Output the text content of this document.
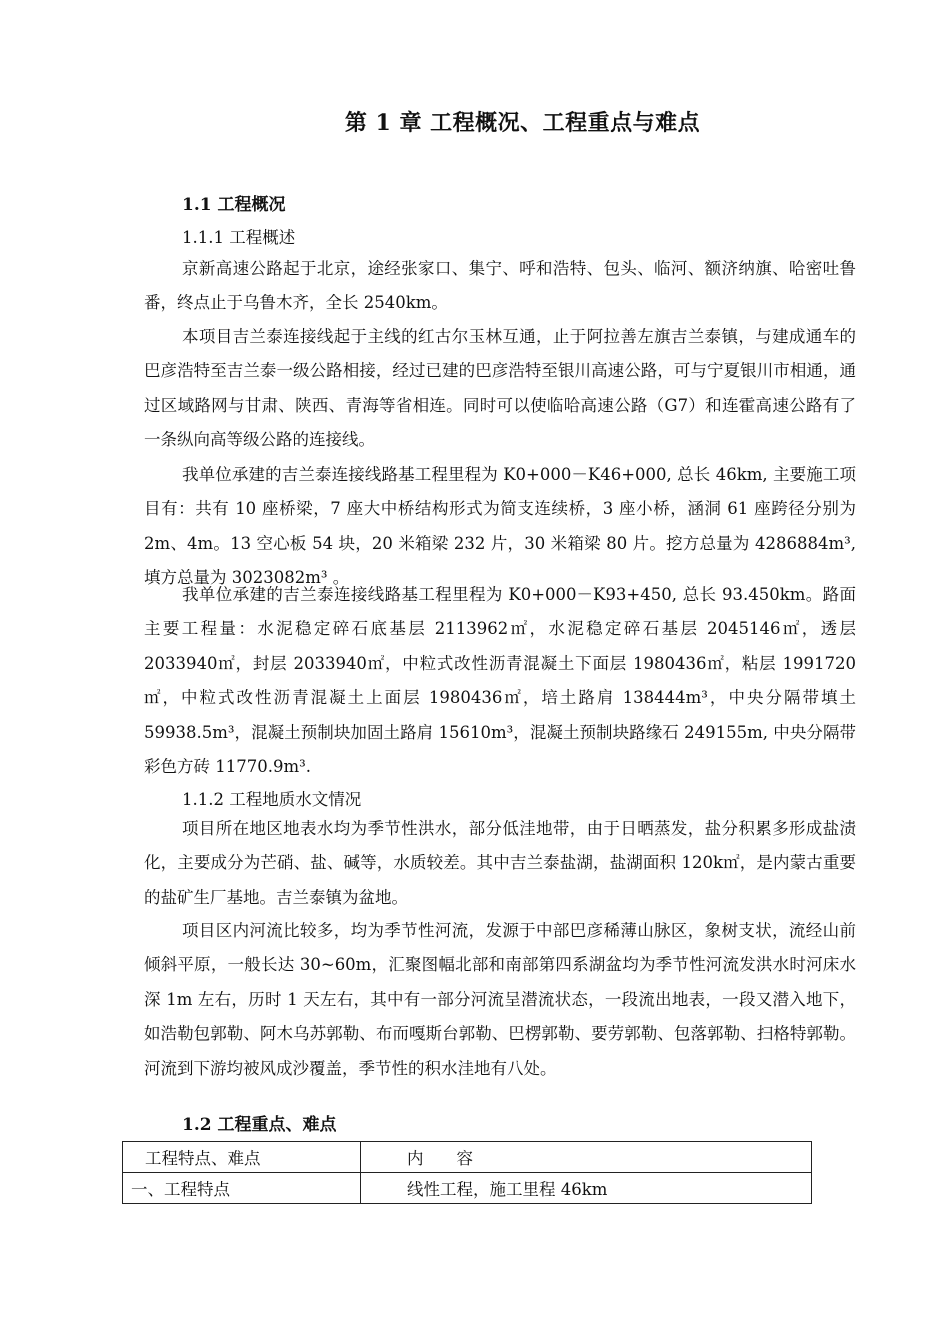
第 1 章 工程概况、工程重点与难点
1.1 工程概况
1.1.1 工程概述

京新高速公路起于北京，途经张家口、集宁、呼和浩特、包头、临河、额济纳旗、哈密吐鲁番，终点止于乌鲁木齐，全长 2540km。

本项目吉兰泰连接线起于主线的红古尔玉林互通，止于阿拉善左旗吉兰泰镇，与建成通车的巴彦浩特至吉兰泰一级公路相接，经过已建的巴彦浩特至银川高速公路，可与宁夏银川市相通，通过区域路网与甘肃、陕西、青海等省相连。同时可以使临哈高速公路（G7）和连霍高速公路有了一条纵向高等级公路的连接线。

我单位承建的吉兰泰连接线路基工程里程为 K0+000－K46+000, 总长 46km, 主要施工项目有：共有 10 座桥梁，7 座大中桥结构形式为简支连续桥，3 座小桥，涵洞 61 座跨径分别为 2m、4m。13 空心板 54 块，20 米箱梁 232 片，30 米箱梁 80 片。挖方总量为 4286884m³, 填方总量为 3023082m³ 。

我单位承建的吉兰泰连接线路基工程里程为 K0+000－K93+450, 总长 93.450km。路面主要工程量：水泥稳定碎石底基层 2113962㎡，水泥稳定碎石基层 2045146㎡，透层 2033940㎡，封层 2033940㎡，中粒式改性沥青混凝土下面层 1980436㎡，粘层 1991720㎡，中粒式改性沥青混凝土上面层 1980436㎡，培土路肩 138444m³，中央分隔带填土 59938.5m³，混凝土预制块加固土路肩 15610m³，混凝土预制块路缘石 249155m, 中央分隔带彩色方砖 11770.9m³.

1.1.2 工程地质水文情况

项目所在地区地表水均为季节性洪水，部分低洼地带，由于日晒蒸发，盐分积累多形成盐渍化，主要成分为芒硝、盐、碱等，水质较差。其中吉兰泰盐湖，盐湖面积 120k㎡，是内蒙古重要的盐矿生厂基地。吉兰泰镇为盆地。

项目区内河流比较多，均为季节性河流，发源于中部巴彦稀薄山脉区，象树支状，流经山前倾斜平原，一般长达 30~60m，汇聚图幅北部和南部第四系湖盆均为季节性河流发洪水时河床水深 1m 左右，历时 1 天左右，其中有一部分河流呈潜流状态，一段流出地表，一段又潜入地下，如浩勒包郭勒、阿木乌苏郭勒、布而嘎斯台郭勒、巴楞郭勒、要劳郭勒、包落郭勒、扫格特郭勒。河流到下游均被风成沙覆盖，季节性的积水洼地有八处。

1.2 工程重点、难点
工程特点、难点	内　　容
一、工程特点	线性工程，施工里程 46km
